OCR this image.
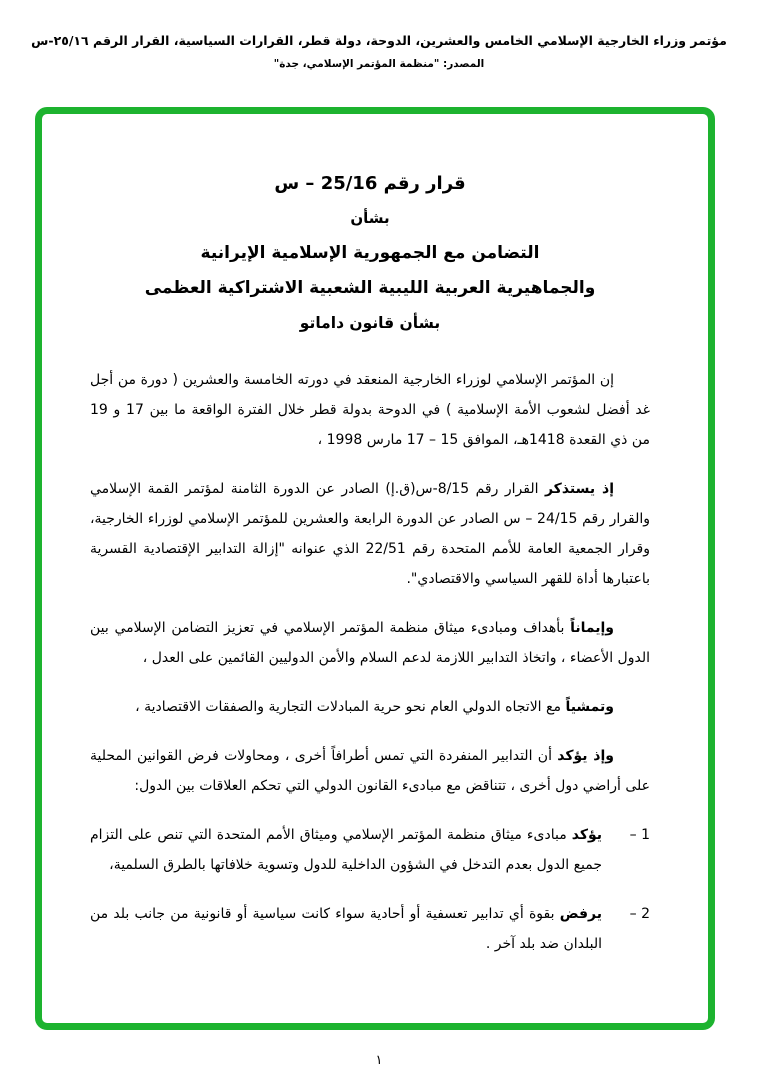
مؤتمر وزراء الخارجية الإسلامي الخامس والعشرين، الدوحة، دولة قطر، القرارات السياسية، القرار الرقم ٢٥/١٦-س
المصدر: "منظمة المؤتمر الإسلامي، جدة"
قرار رقم 25/16 – س
بشأن
التضامن مع الجمهورية الإسلامية الإيرانية
والجماهيرية العربية الليبية الشعبية الاشتراكية العظمى
بشأن قانون داماتو

إن المؤتمر الإسلامي لوزراء الخارجية المنعقد في دورته الخامسة والعشرين ( دورة من أجل غد أفضل لشعوب الأمة الإسلامية ) في الدوحة بدولة قطر خلال الفترة الواقعة ما بين 17 و 19 من ذي القعدة 1418هـ، الموافق 15 – 17 مارس 1998 ،

إذ يستذكر القرار رقم 8/15-س(ق.إ) الصادر عن الدورة الثامنة لمؤتمر القمة الإسلامي والقرار رقم 24/15 – س الصادر عن الدورة الرابعة والعشرين للمؤتمر الإسلامي لوزراء الخارجية، وقرار الجمعية العامة للأمم المتحدة رقم 22/51 الذي عنوانه "إزالة التدابير الإقتصادية القسرية باعتبارها أداة للقهر السياسي والاقتصادي".

وإيماناً بأهداف ومبادىء ميثاق منظمة المؤتمر الإسلامي في تعزيز التضامن الإسلامي بين الدول الأعضاء ، واتخاذ التدابير اللازمة لدعم السلام والأمن الدوليين القائمين على العدل ،

وتمشياً مع الاتجاه الدولي العام نحو حرية المبادلات التجارية والصفقات الاقتصادية ،

وإذ يؤكد أن التدابير المنفردة التي تمس أطرافاً أخرى ، ومحاولات فرض القوانين المحلية على أراضي دول أخرى ، تتناقض مع مبادىء القانون الدولي التي تحكم العلاقات بين الدول:

1 –
يؤكد مبادىء ميثاق منظمة المؤتمر الإسلامي وميثاق الأمم المتحدة التي تنص على التزام جميع الدول بعدم التدخل في الشؤون الداخلية للدول وتسوية خلافاتها بالطرق السلمية،
2 –
يرفض بقوة أي تدابير تعسفية أو أحادية سواء كانت سياسية أو قانونية من جانب بلد من البلدان ضد بلد آخر .
١
